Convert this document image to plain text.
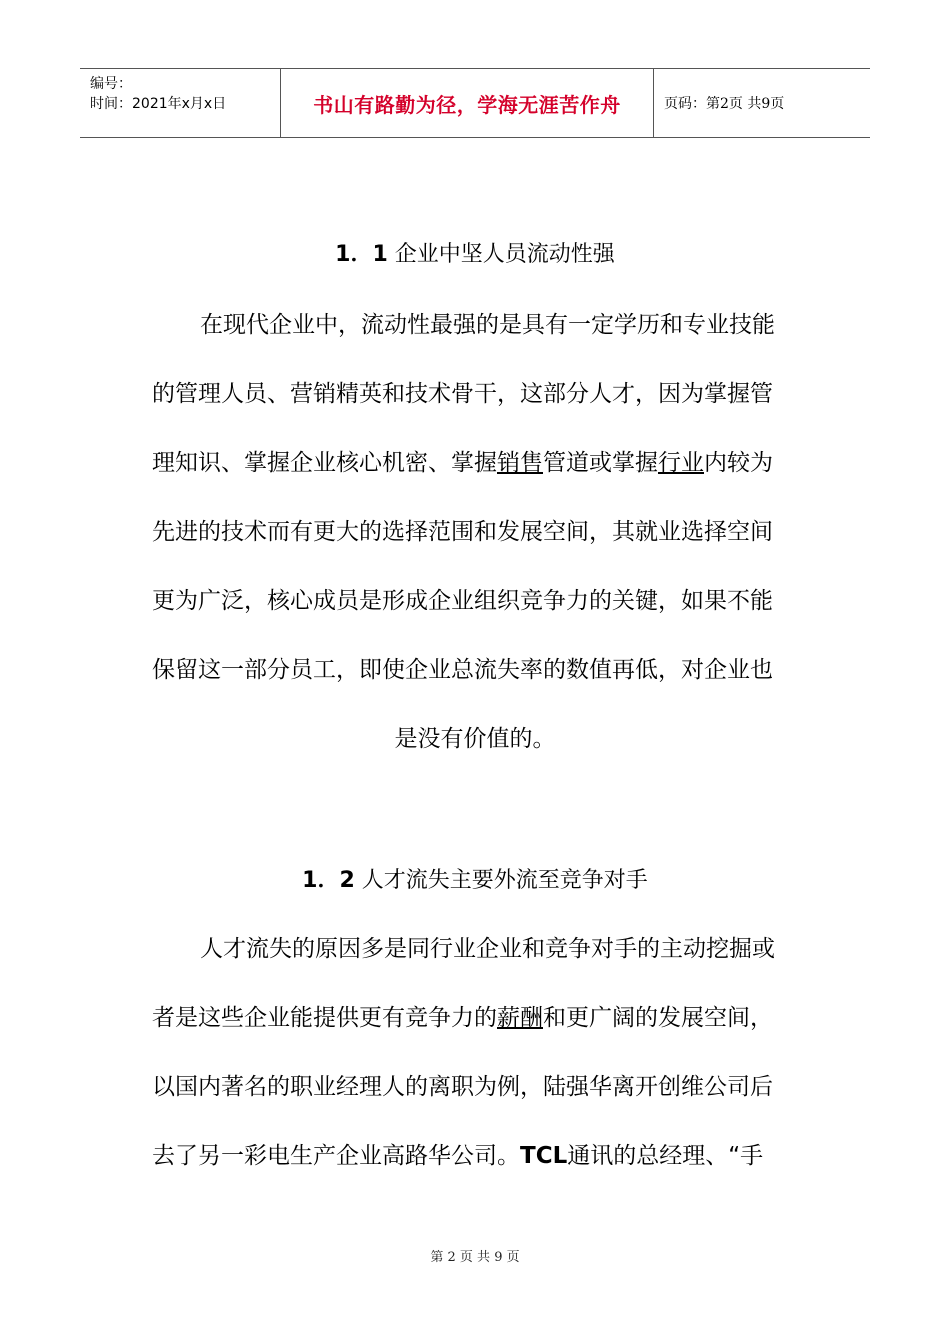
编号：
时间：2021年x月x日	书山有路勤为径，学海无涯苦作舟	页码：第2页 共9页
1．1 企业中坚人员流动性强
在现代企业中，流动性最强的是具有一定学历和专业技能
的管理人员、营销精英和技术骨干，这部分人才，因为掌握管
理知识、掌握企业核心机密、掌握销售管道或掌握行业内较为
先进的技术而有更大的选择范围和发展空间，其就业选择空间
更为广泛，核心成员是形成企业组织竞争力的关键，如果不能
保留这一部分员工，即使企业总流失率的数值再低，对企业也
是没有价值的。
1．2 人才流失主要外流至竞争对手
人才流失的原因多是同行业企业和竞争对手的主动挖掘或
者是这些企业能提供更有竞争力的薪酬和更广阔的发展空间，
以国内著名的职业经理人的离职为例，陆强华离开创维公司后
去了另一彩电生产企业高路华公司。TCL通讯的总经理、“手
第 2 页 共 9 页
